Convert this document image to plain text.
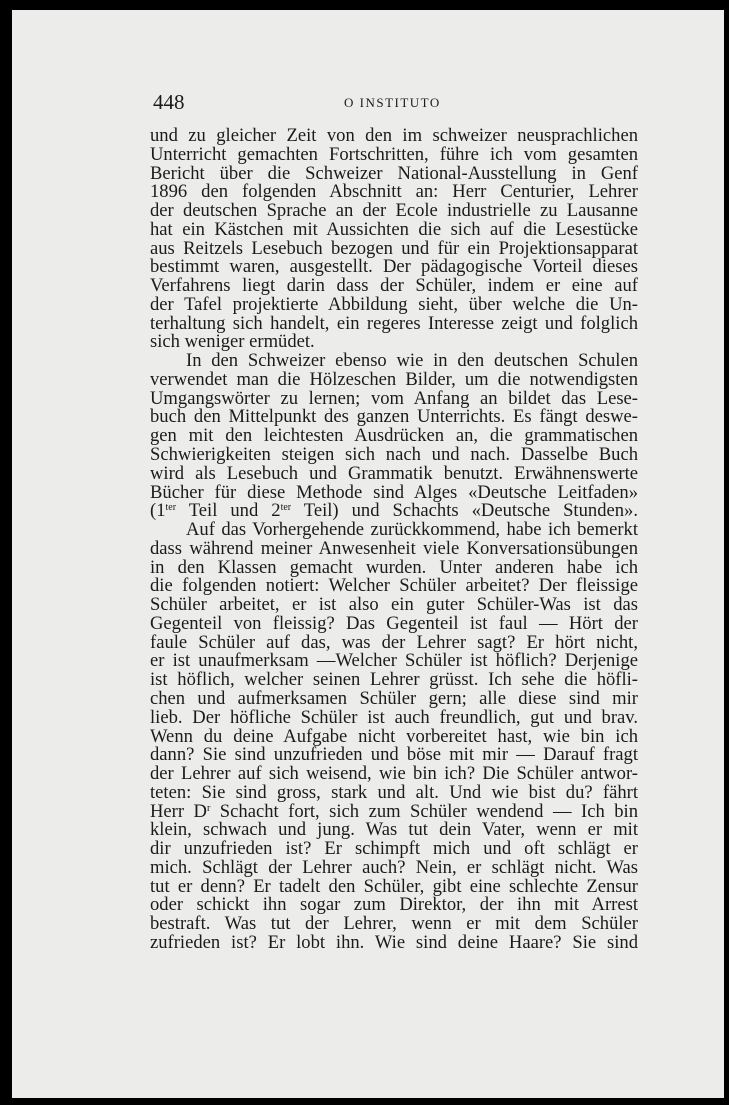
448	O INSTITUTO
und zu gleicher Zeit von den im schweizer neusprachlichen
Unterricht gemachten Fortschritten, führe ich vom gesamten
Bericht über die Schweizer National-Ausstellung in Genf
1896 den folgenden Abschnitt an: Herr Centurier, Lehrer
der deutschen Sprache an der Ecole industrielle zu Lausanne
hat ein Kästchen mit Aussichten die sich auf die Lesestücke
aus Reitzels Lesebuch bezogen und für ein Projektionsapparat
bestimmt waren, ausgestellt. Der pädagogische Vorteil dieses
Verfahrens liegt darin dass der Schüler, indem er eine auf
der Tafel projektierte Abbildung sieht, über welche die Un-
terhaltung sich handelt, ein regeres Interesse zeigt und folglich
sich weniger ermüdet.
In den Schweizer ebenso wie in den deutschen Schulen
verwendet man die Hölzeschen Bilder, um die notwendigsten
Umgangswörter zu lernen; vom Anfang an bildet das Lese-
buch den Mittelpunkt des ganzen Unterrichts. Es fängt deswe-
gen mit den leichtesten Ausdrücken an, die grammatischen
Schwierigkeiten steigen sich nach und nach. Dasselbe Buch
wird als Lesebuch und Grammatik benutzt. Erwähnenswerte
Bücher für diese Methode sind Alges «Deutsche Leitfaden»
($1^{ter}$ Teil und $2^{ter}$ Teil) und Schachts «Deutsche Stunden».
Auf das Vorhergehende zurückkommend, habe ich bemerkt
dass während meiner Anwesenheit viele Konversationsübungen
in den Klassen gemacht wurden. Unter anderen habe ich
die folgenden notiert: Welcher Schüler arbeitet? Der fleissige
Schüler arbeitet, er ist also ein guter Schüler-Was ist das
Gegenteil von fleissig? Das Gegenteil ist faul — Hört der
faule Schüler auf das, was der Lehrer sagt? Er hört nicht,
er ist unaufmerksam —Welcher Schüler ist höflich? Derjenige
ist höflich, welcher seinen Lehrer grüsst. Ich sehe die höfli-
chen und aufmerksamen Schüler gern; alle diese sind mir
lieb. Der höfliche Schüler ist auch freundlich, gut und brav.
Wenn du deine Aufgabe nicht vorbereitet hast, wie bin ich
dann? Sie sind unzufrieden und böse mit mir — Darauf fragt
der Lehrer auf sich weisend, wie bin ich? Die Schüler antwor-
teten: Sie sind gross, stark und alt. Und wie bist du? fährt
Herr $D^r$ Schacht fort, sich zum Schüler wendend — Ich bin
klein, schwach und jung. Was tut dein Vater, wenn er mit
dir unzufrieden ist? Er schimpft mich und oft schlägt er
mich. Schlägt der Lehrer auch? Nein, er schlägt nicht. Was
tut er denn? Er tadelt den Schüler, gibt eine schlechte Zensur
oder schickt ihn sogar zum Direktor, der ihn mit Arrest
bestraft. Was tut der Lehrer, wenn er mit dem Schüler
zufrieden ist? Er lobt ihn. Wie sind deine Haare? Sie sind
